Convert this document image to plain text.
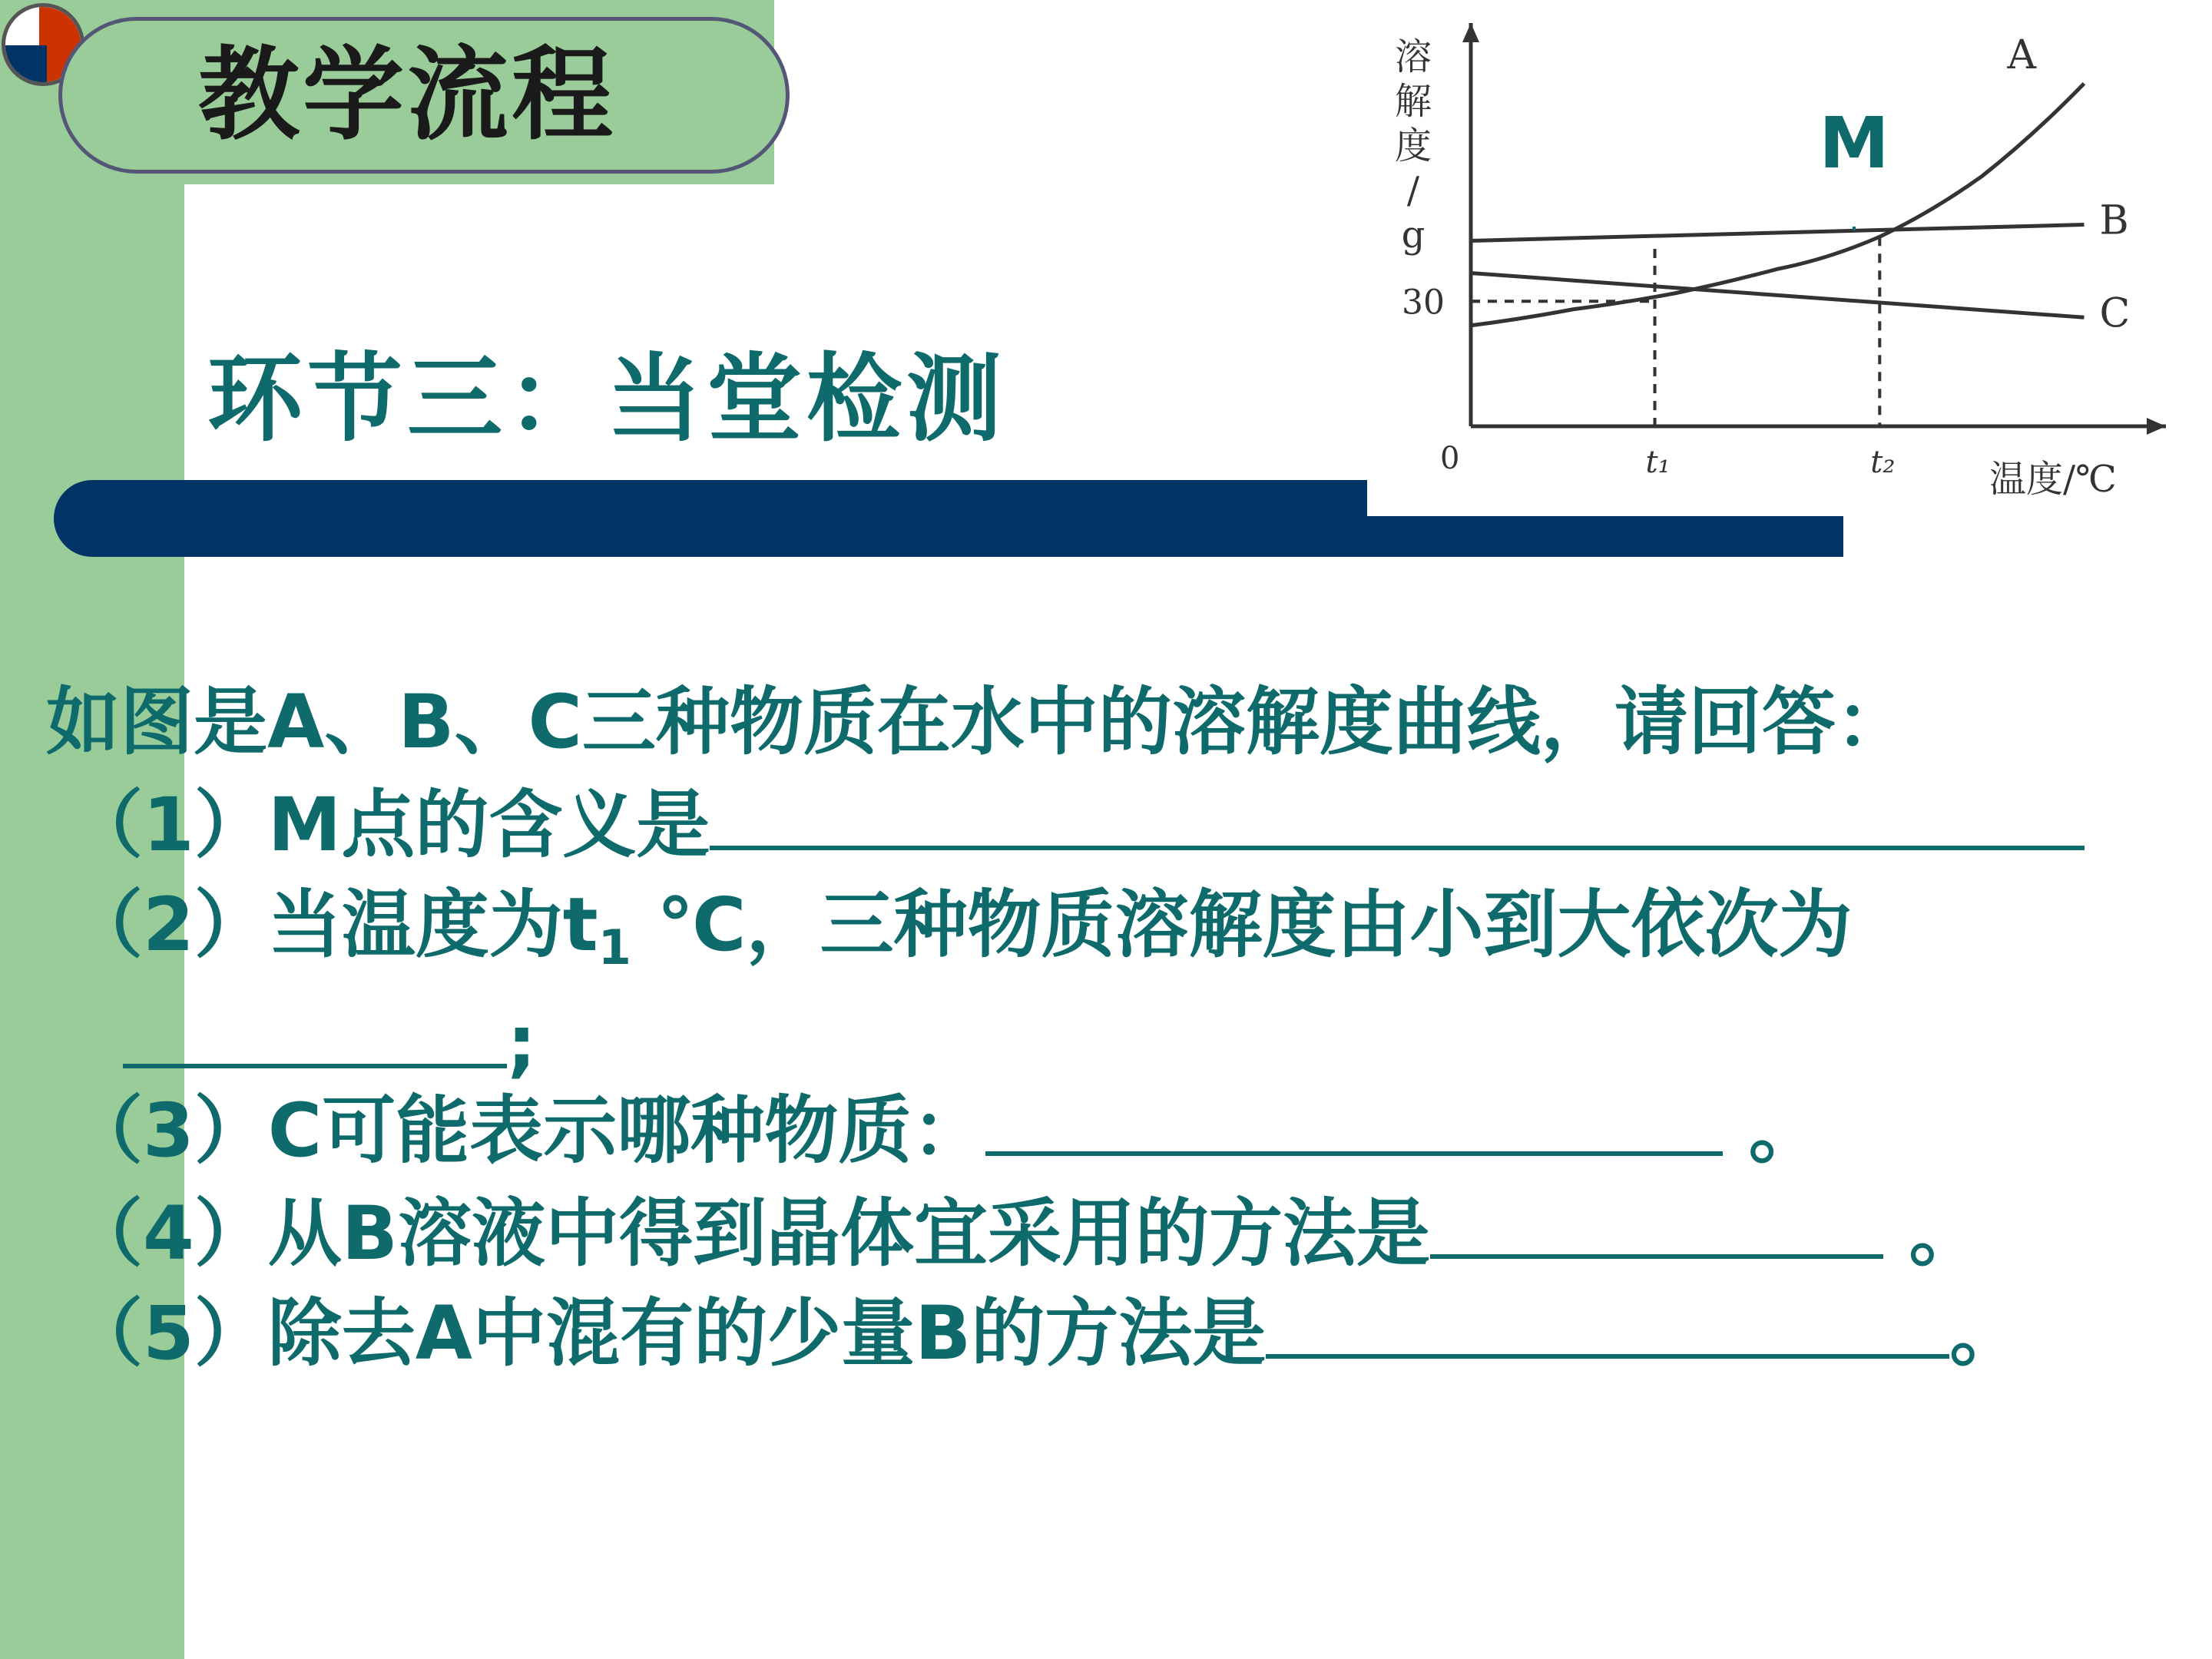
教学流程
环节三：当堂检测
溶
解
度
/
g
温度/℃
0
30
A
B
C
t₁	t₂
M
.
如图是A、B、C三种物质在水中的溶解度曲线，请回答：
（1）M点的含义是
（2）当温度为$t_1$ ℃，三种物质溶解度由小到大依次为
;
（3）C可能表示哪种物质：	。
（4）从B溶液中得到晶体宜采用的方法是	。
（5）除去A中混有的少量B的方法是	。
